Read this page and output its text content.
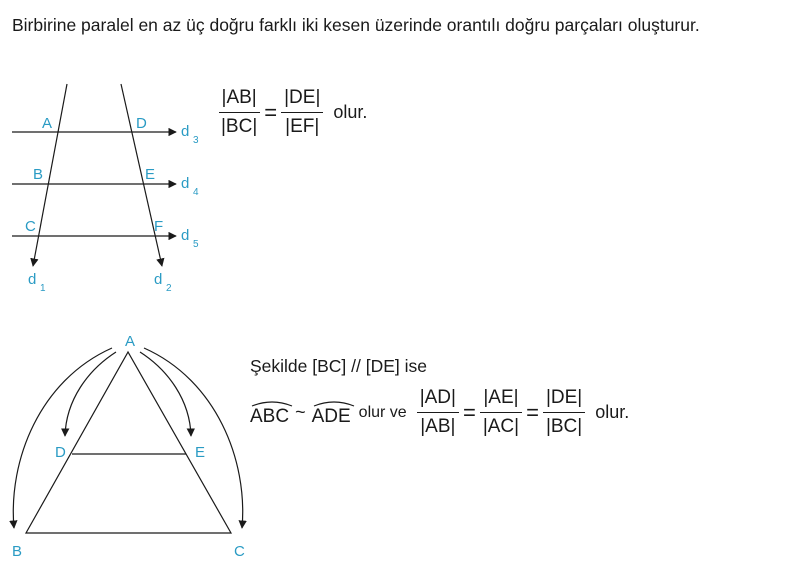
Birbirine paralel en az üç doğru farklı iki kesen üzerinde orantılı doğru parçaları oluşturur.

A
B
C
D
E
F
d
3
d
4
d
5
d
1
d
2
A
D	E
B	C
$\frac{|AB|}{|BC|} = \frac{|DE|}{|EF|}$ olur.
Şekilde [BC] // [DE] ise
ABC ~ ADE olur ve $\frac{|AD|}{|AB|} = \frac{|AE|}{|AC|} = \frac{|DE|}{|BC|}$ olur.
